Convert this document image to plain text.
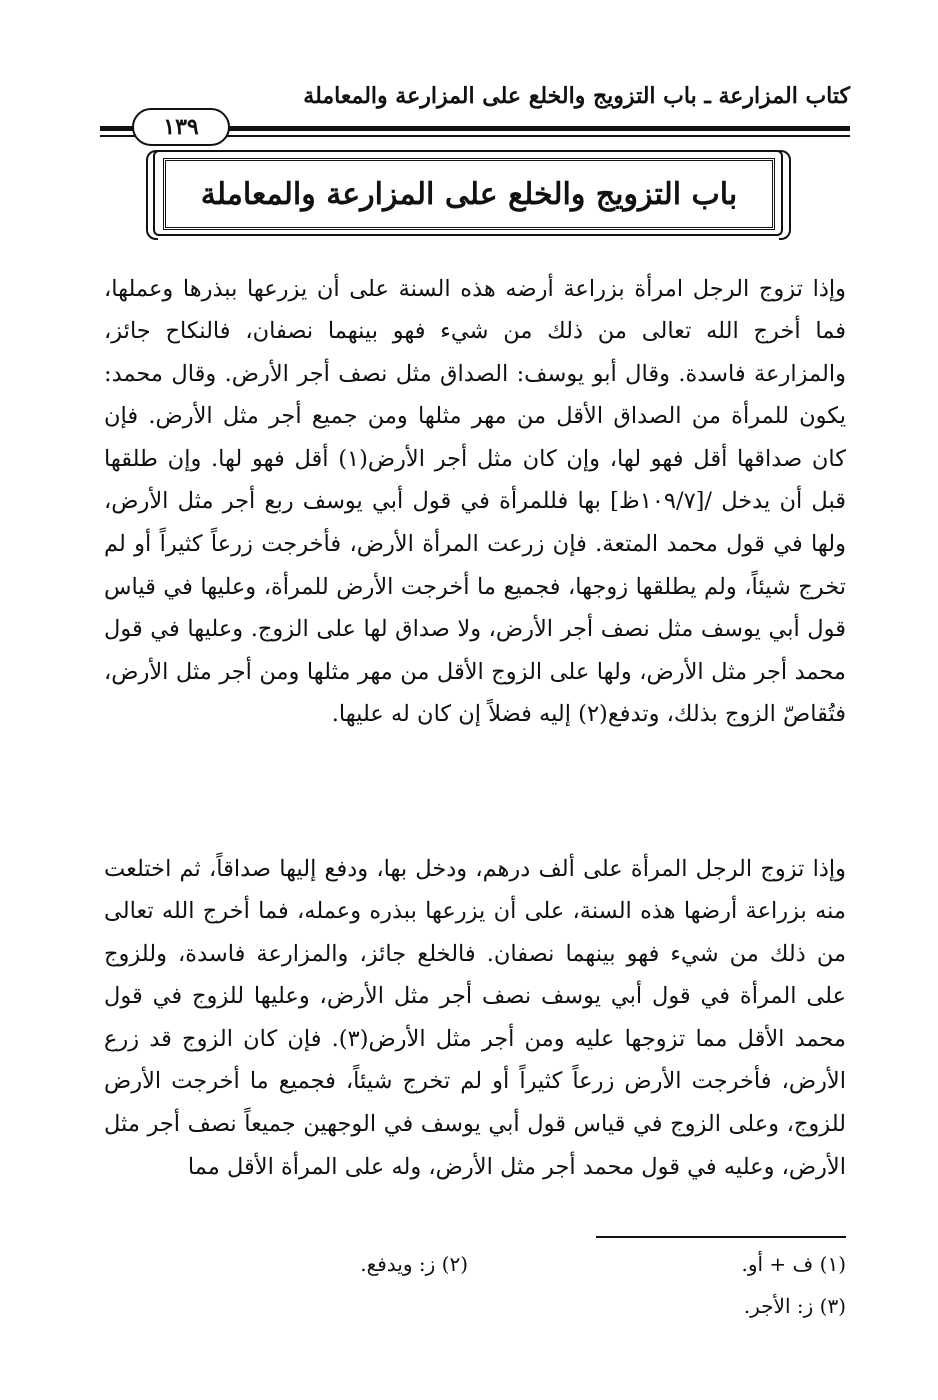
كتاب المزارعة ـ باب التزويج والخلع على المزارعة والمعاملة
١٣٩
باب التزويج والخلع على المزارعة والمعاملة

وإذا تزوج الرجل امرأة بزراعة أرضه هذه السنة على أن يزرعها ببذرها وعملها، فما أخرج الله تعالى من ذلك من شيء فهو بينهما نصفان، فالنكاح جائز، والمزارعة فاسدة. وقال أبو يوسف: الصداق مثل نصف أجر الأرض. وقال محمد: يكون للمرأة من الصداق الأقل من مهر مثلها ومن جميع أجر مثل الأرض. فإن كان صداقها أقل فهو لها، وإن كان مثل أجر الأرض(١) أقل فهو لها. وإن طلقها قبل أن يدخل /[١٠٩/٧ظ] بها فللمرأة في قول أبي يوسف ربع أجر مثل الأرض، ولها في قول محمد المتعة. فإن زرعت المرأة الأرض، فأخرجت زرعاً كثيراً أو لم تخرج شيئاً، ولم يطلقها زوجها، فجميع ما أخرجت الأرض للمرأة، وعليها في قياس قول أبي يوسف مثل نصف أجر الأرض، ولا صداق لها على الزوج. وعليها في قول محمد أجر مثل الأرض، ولها على الزوج الأقل من مهر مثلها ومن أجر مثل الأرض، فتُقاصّ الزوج بذلك، وتدفع(٢) إليه فضلاً إن كان له عليها.

وإذا تزوج الرجل المرأة على ألف درهم، ودخل بها، ودفع إليها صداقاً، ثم اختلعت منه بزراعة أرضها هذه السنة، على أن يزرعها ببذره وعمله، فما أخرج الله تعالى من ذلك من شيء فهو بينهما نصفان. فالخلع جائز، والمزارعة فاسدة، وللزوج على المرأة في قول أبي يوسف نصف أجر مثل الأرض، وعليها للزوج في قول محمد الأقل مما تزوجها عليه ومن أجر مثل الأرض(٣). فإن كان الزوج قد زرع الأرض، فأخرجت الأرض زرعاً كثيراً أو لم تخرج شيئاً، فجميع ما أخرجت الأرض للزوج، وعلى الزوج في قياس قول أبي يوسف في الوجهين جميعاً نصف أجر مثل الأرض، وعليه في قول محمد أجر مثل الأرض، وله على المرأة الأقل مما

(١) ف + أو.
(٢) ز: ويدفع.
(٣) ز: الأجر.
